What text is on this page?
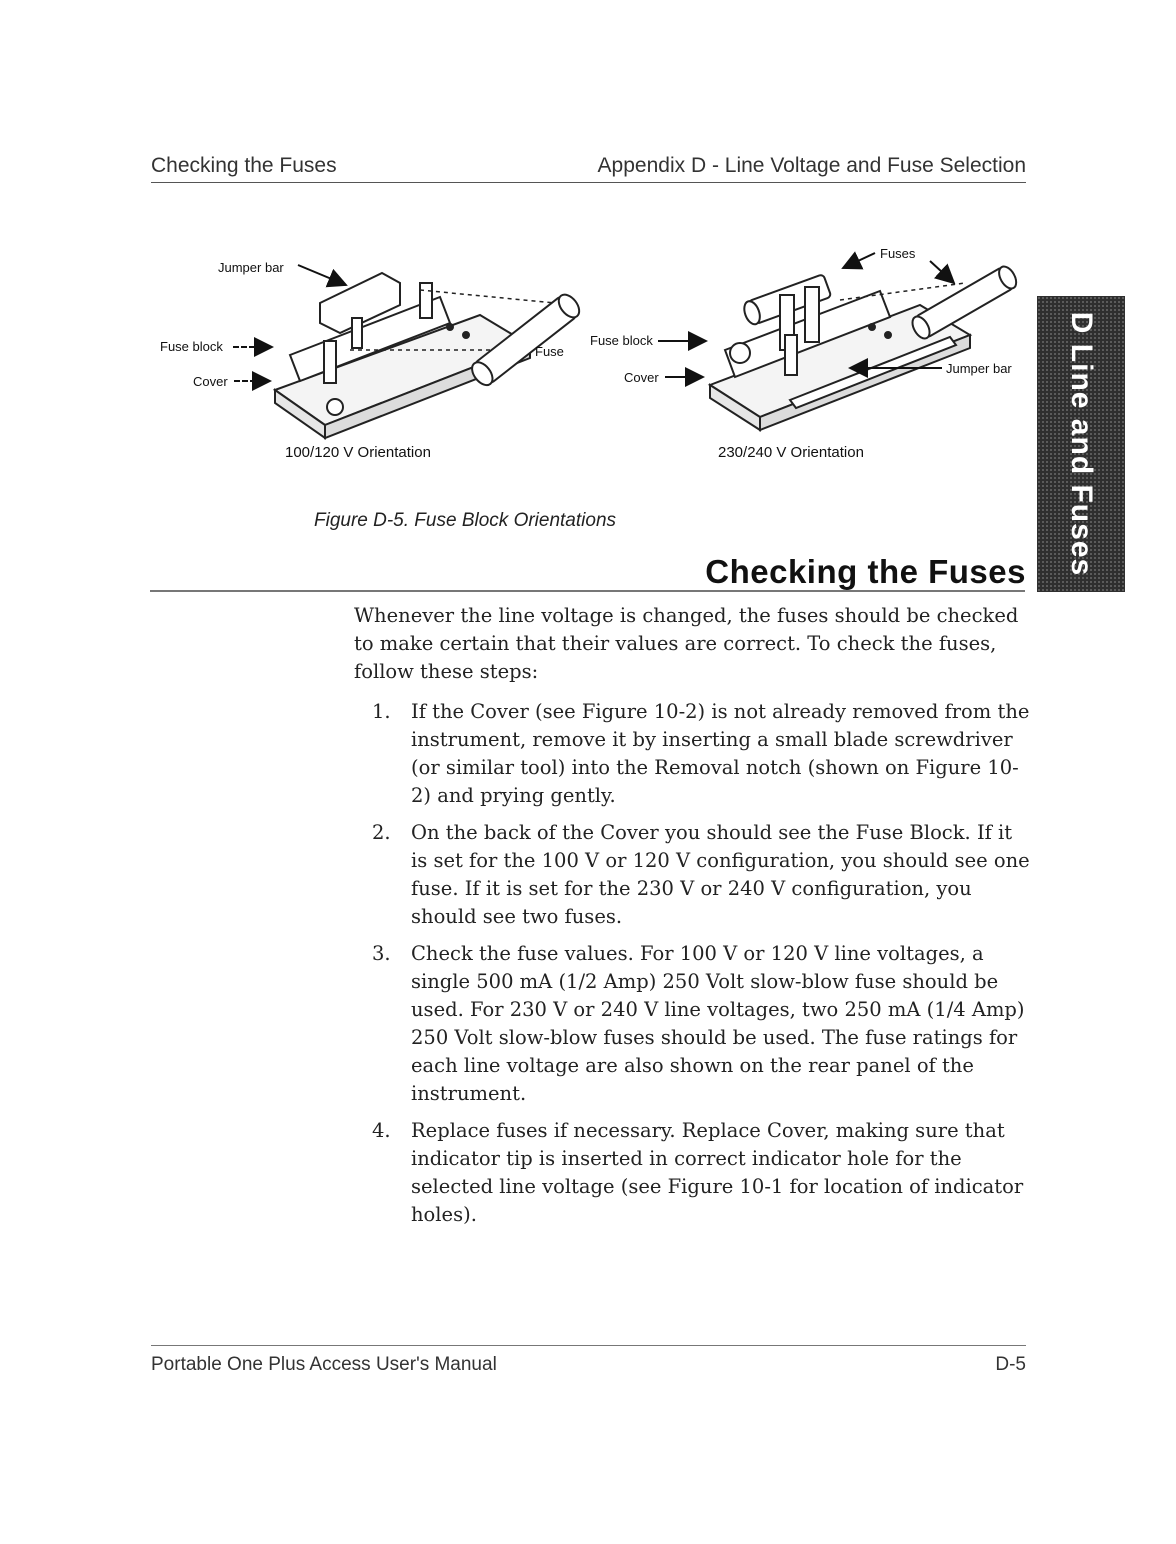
Checking the Fuses	Appendix D - Line Voltage and Fuse Selection
Jumper bar
Fuse block
Cover
Fuse
100/120 V Orientation
Fuses
Fuse block
Cover
Jumper bar
230/240 V Orientation
Figure D-5. Fuse Block Orientations
Checking the Fuses D Line and Fuses

Whenever the line voltage is changed, the fuses should be checked to make certain that their values are correct. To check the fuses, follow these steps:

1. If the Cover (see Figure 10-2) is not already removed from the instrument, remove it by inserting a small blade screwdriver (or similar tool) into the Removal notch (shown on Figure 10-2) and prying gently.
2. On the back of the Cover you should see the Fuse Block. If it is set for the 100 V or 120 V configuration, you should see one fuse. If it is set for the 230 V or 240 V configuration, you should see two fuses.
3. Check the fuse values. For 100 V or 120 V line voltages, a single 500 mA (1/2 Amp) 250 Volt slow-blow fuse should be used. For 230 V or 240 V line voltages, two 250 mA (1/4 Amp) 250 Volt slow-blow fuses should be used. The fuse ratings for each line voltage are also shown on the rear panel of the instrument.
4. Replace fuses if necessary. Replace Cover, making sure that indicator tip is inserted in correct indicator hole for the selected line voltage (see Figure 10-1 for location of indicator holes).
Portable One Plus Access User's Manual	D-5
